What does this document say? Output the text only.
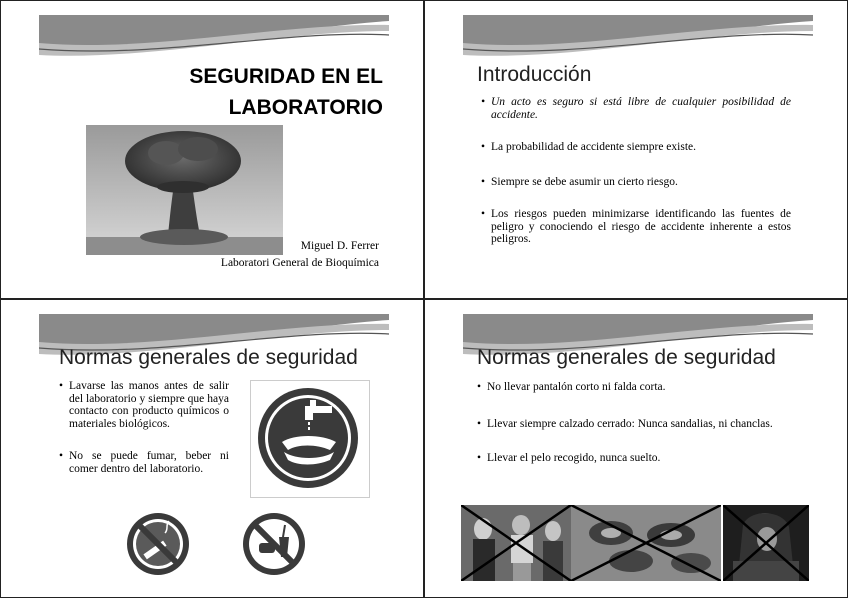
SEGURIDAD EN EL
LABORATORIO
Miguel D. Ferrer
Laboratori General de Bioquímica
Introducción
• Un acto es seguro si está libre de cualquier posibilidad de accidente.
• La probabilidad de accidente siempre existe.
• Siempre se debe asumir un cierto riesgo.
• Los riesgos pueden minimizarse identificando las fuentes de peligro y conociendo el riesgo de accidente inherente a estos peligros.
Normas generales de seguridad
• Lavarse las manos antes de salir del laboratorio y siempre que haya contacto con producto químicos o materiales biológicos.
• No se puede fumar, beber ni comer dentro del laboratorio.
Normas generales de seguridad
• No llevar pantalón corto ni falda corta.
• Llevar siempre calzado cerrado: Nunca sandalias, ni chanclas.
• Llevar el pelo recogido, nunca suelto.
